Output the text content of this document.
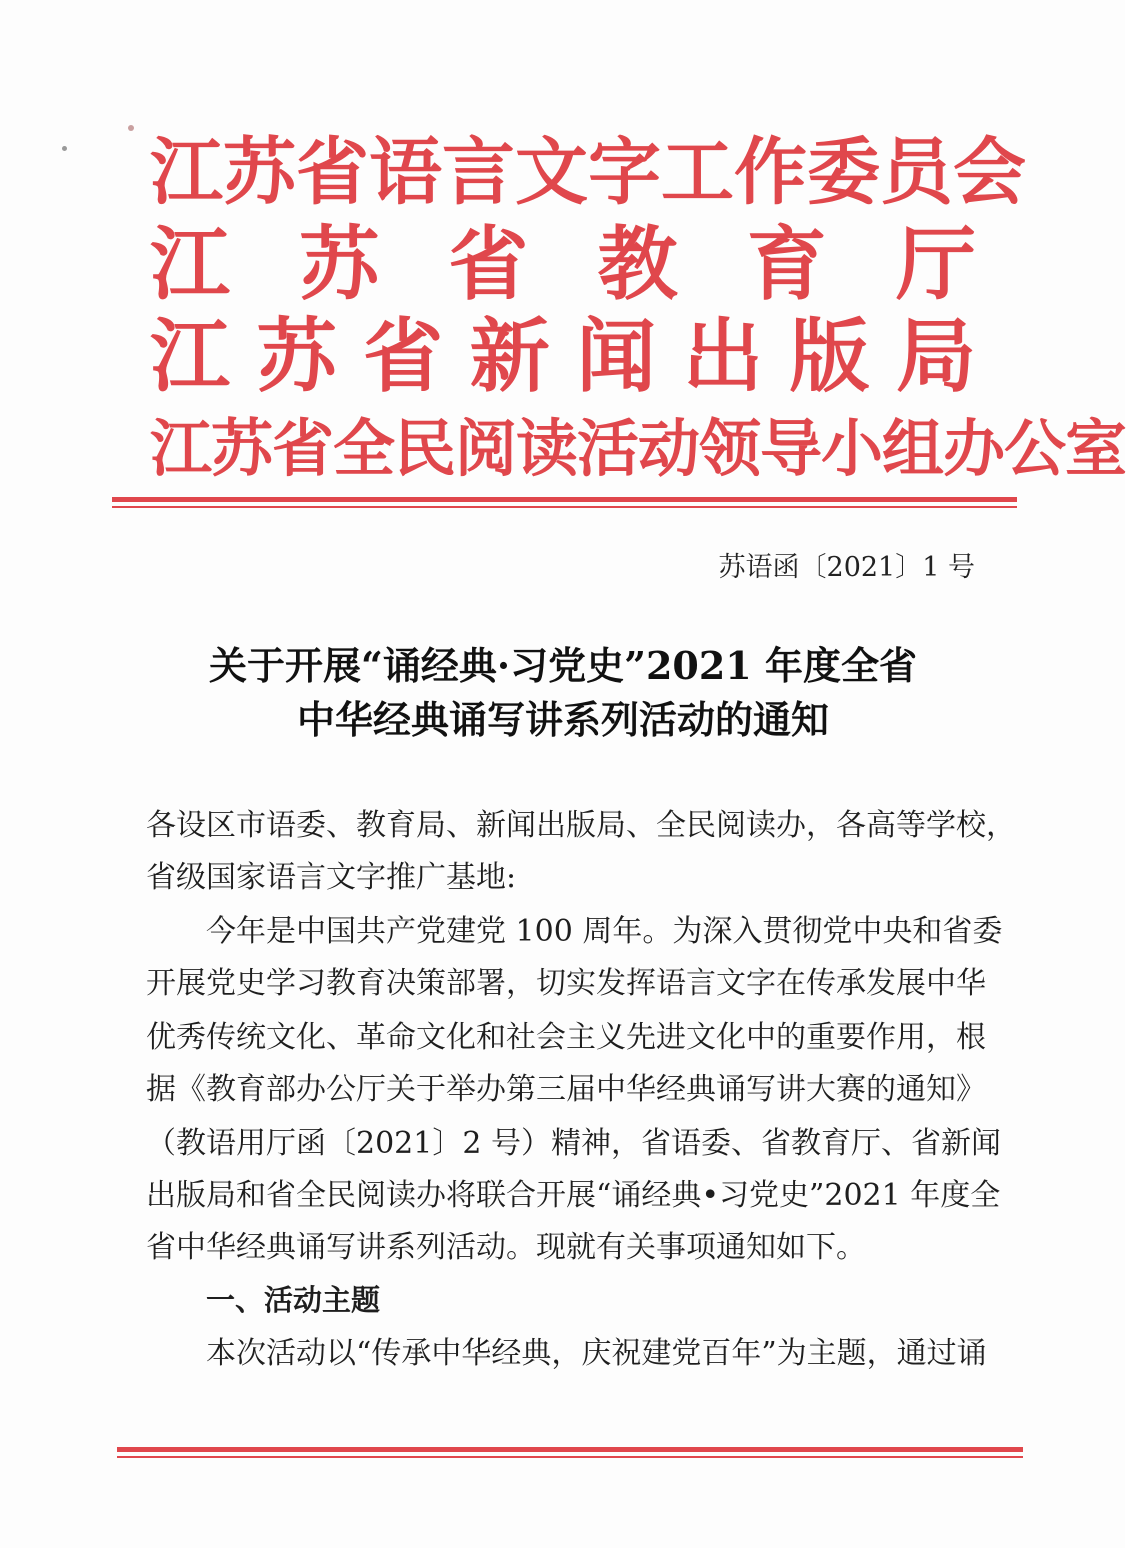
江苏省语言文字工作委员会
江 苏 省 教 育 厅
江 苏 省 新 闻 出 版 局
江苏省全民阅读活动领导小组办公室
苏语函〔2021〕1 号
关于开展“诵经典·习党史”2021 年度全省
中华经典诵写讲系列活动的通知
各设区市语委、教育局、新闻出版局、全民阅读办，各高等学校，
省级国家语言文字推广基地:
今年是中国共产党建党 100 周年。为深入贯彻党中央和省委
开展党史学习教育决策部署，切实发挥语言文字在传承发展中华
优秀传统文化、革命文化和社会主义先进文化中的重要作用，根
据《教育部办公厅关于举办第三届中华经典诵写讲大赛的通知》
（教语用厅函〔2021〕2 号）精神，省语委、省教育厅、省新闻
出版局和省全民阅读办将联合开展“诵经典•习党史”2021 年度全
省中华经典诵写讲系列活动。现就有关事项通知如下。
一、活动主题
本次活动以“传承中华经典，庆祝建党百年”为主题，通过诵
